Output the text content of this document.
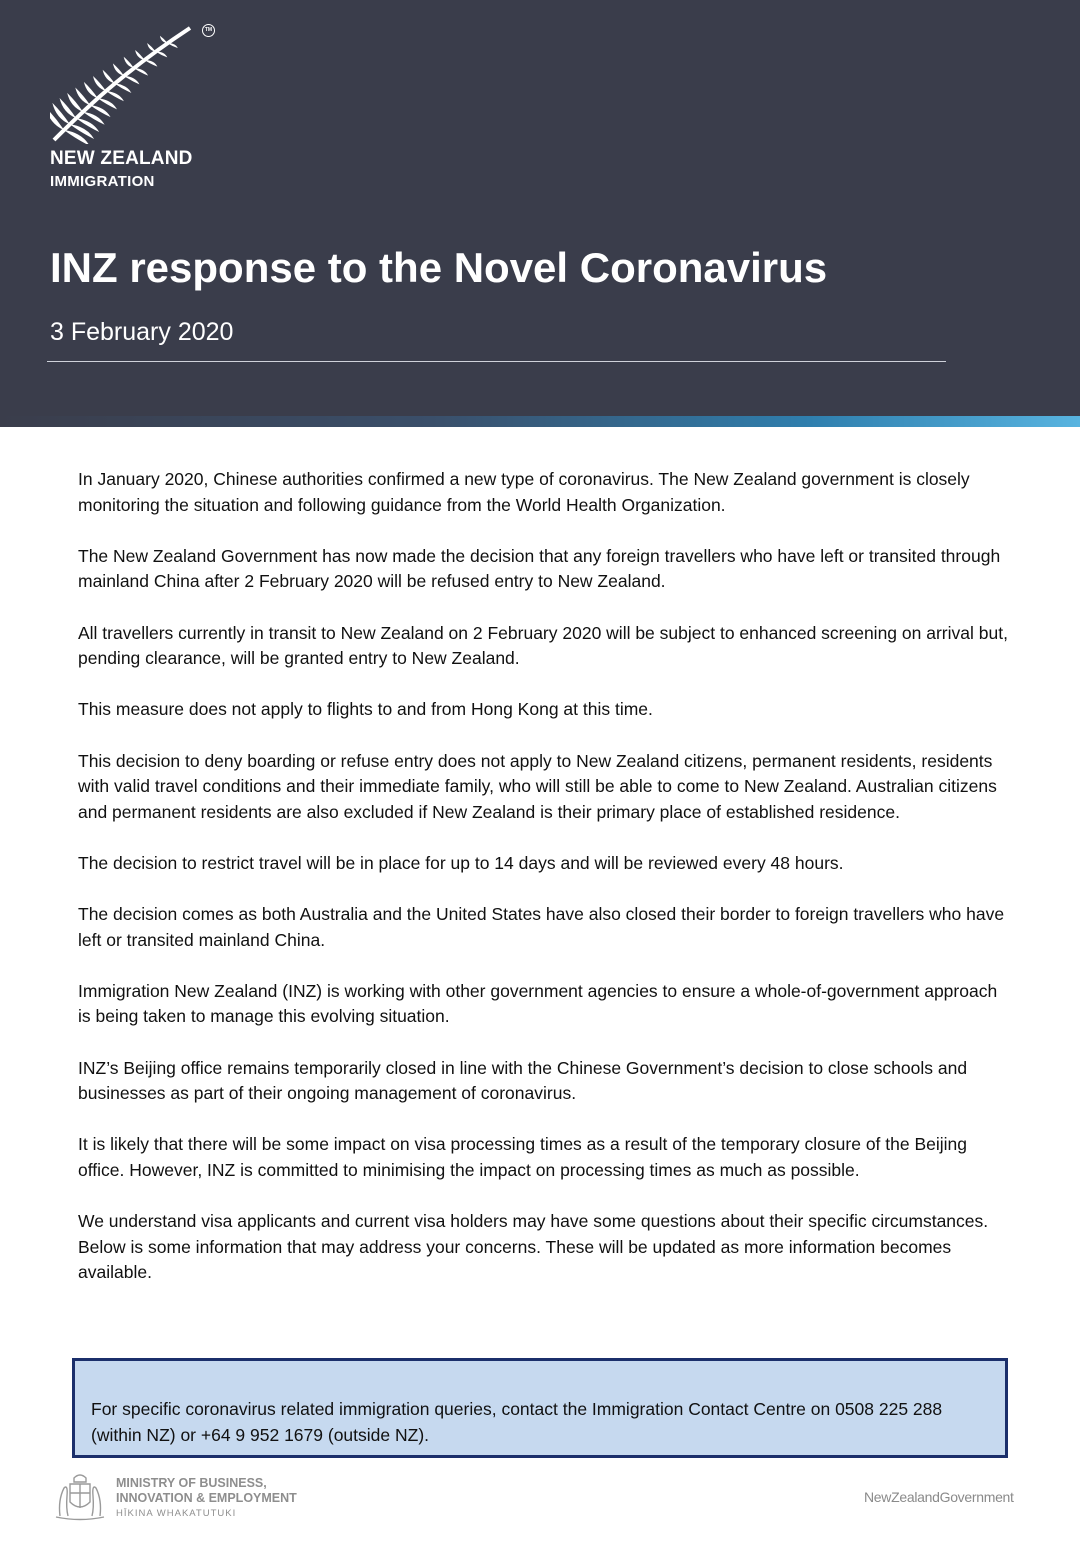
TM
NEW ZEALAND
IMMIGRATION
INZ response to the Novel Coronavirus
3 February 2020

In January 2020, Chinese authorities confirmed a new type of coronavirus. The New Zealand government is closely monitoring the situation and following guidance from the World Health Organization.

The New Zealand Government has now made the decision that any foreign travellers who have left or transited through mainland China after 2 February 2020 will be refused entry to New Zealand.

All travellers currently in transit to New Zealand on 2 February 2020 will be subject to enhanced screening on arrival but, pending clearance, will be granted entry to New Zealand.

This measure does not apply to flights to and from Hong Kong at this time.

This decision to deny boarding or refuse entry does not apply to New Zealand citizens, permanent residents, residents with valid travel conditions and their immediate family, who will still be able to come to New Zealand. Australian citizens and permanent residents are also excluded if New Zealand is their primary place of established residence.

The decision to restrict travel will be in place for up to 14 days and will be reviewed every 48 hours.

The decision comes as both Australia and the United States have also closed their border to foreign travellers who have left or transited mainland China.

Immigration New Zealand (INZ) is working with other government agencies to ensure a whole-of-government approach is being taken to manage this evolving situation.

INZ’s Beijing office remains temporarily closed in line with the Chinese Government’s decision to close schools and businesses as part of their ongoing management of coronavirus.

It is likely that there will be some impact on visa processing times as a result of the temporary closure of the Beijing office. However, INZ is committed to minimising the impact on processing times as much as possible.

We understand visa applicants and current visa holders may have some questions about their specific circumstances. Below is some information that may address your concerns. These will be updated as more information becomes available.

For specific coronavirus related immigration queries, contact the Immigration Contact Centre on 0508 225 288 (within NZ) or +64 9 952 1679 (outside NZ).
MINISTRY OF BUSINESS,
INNOVATION & EMPLOYMENT
HĪKINA WHAKATUTUKI
NewZealandGovernment
